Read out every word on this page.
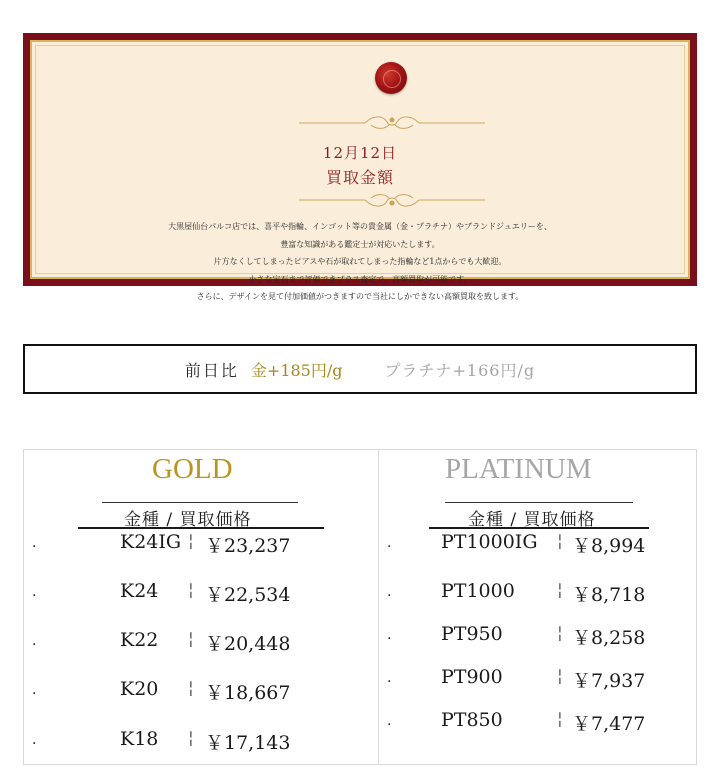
12月12日
買取金額
大黒屋仙台パルコ店では、喜平や指輪、インゴット等の貴金属（金・プラチナ）やブランドジュエリーを、
豊富な知識がある鑑定士が対応いたします。
片方なくしてしまったピアスや石が取れてしまった指輪など1点からでも大歓迎。
小さな宝石まで評価できプラス査定で、高額買取が可能です。
さらに、デザインを見て付加価値がつきますので当社にしかできない高額買取を致します。
前日比 金+185円/g	プラチナ+166円/g
GOLD
金種 / 買取価格
.	K24IG ¦ ￥23,237
.	K24 ¦ ￥22,534
.	K22 ¦ ￥20,448
.	K20 ¦ ￥18,667
.	K18 ¦ ￥17,143
PLATINUM
金種 / 買取価格
.	PT1000IG ¦ ￥8,994
.	PT1000 ¦ ￥8,718
.	PT950	¦ ￥8,258
.	PT900	¦ ￥7,937
.	PT850	¦ ￥7,477
